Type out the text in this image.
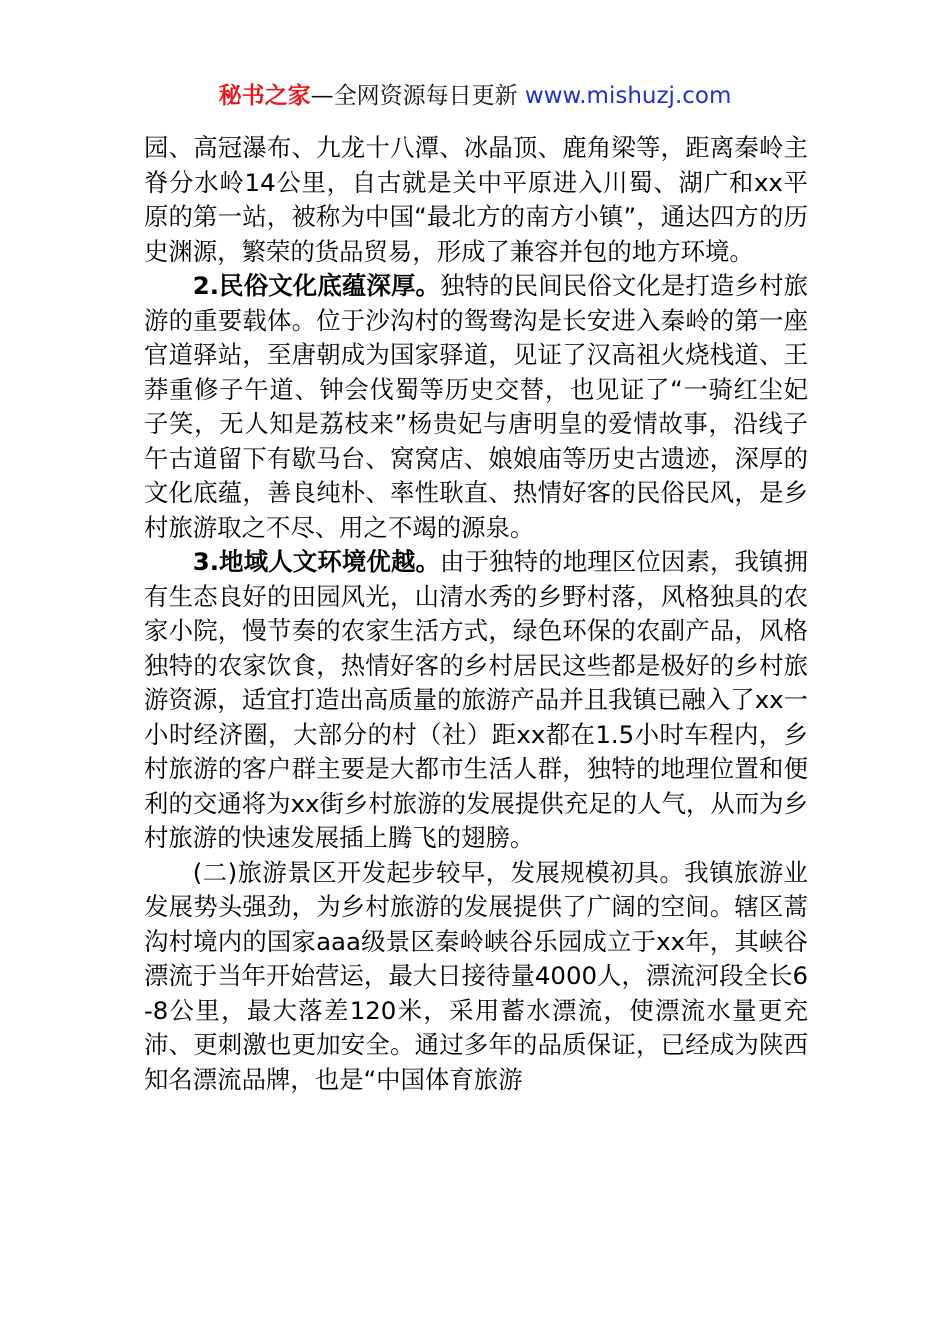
秘书之家—全网资源每日更新 www.mishuzj.com

园、高冠瀑布、九龙十八潭、冰晶顶、鹿角梁等，距离秦岭主脊分水岭14公里，自古就是关中平原进入川蜀、湖广和xx平原的第一站，被称为中国“最北方的南方小镇”，通达四方的历史渊源，繁荣的货品贸易，形成了兼容并包的地方环境。

2.民俗文化底蕴深厚。独特的民间民俗文化是打造乡村旅游的重要载体。位于沙沟村的鸳鸯沟是长安进入秦岭的第一座官道驿站，至唐朝成为国家驿道，见证了汉高祖火烧栈道、王莽重修子午道、钟会伐蜀等历史交替，也见证了“一骑红尘妃子笑，无人知是荔枝来”杨贵妃与唐明皇的爱情故事，沿线子午古道留下有歇马台、窝窝店、娘娘庙等历史古遗迹，深厚的文化底蕴，善良纯朴、率性耿直、热情好客的民俗民风，是乡村旅游取之不尽、用之不竭的源泉。

3.地域人文环境优越。由于独特的地理区位因素，我镇拥有生态良好的田园风光，山清水秀的乡野村落，风格独具的农家小院，慢节奏的农家生活方式，绿色环保的农副产品，风格独特的农家饮食，热情好客的乡村居民这些都是极好的乡村旅游资源，适宜打造出高质量的旅游产品并且我镇已融入了xx一小时经济圈，大部分的村（社）距xx都在1.5小时车程内，乡村旅游的客户群主要是大都市生活人群，独特的地理位置和便利的交通将为xx街乡村旅游的发展提供充足的人气，从而为乡村旅游的快速发展插上腾飞的翅膀。

(二)旅游景区开发起步较早，发展规模初具。我镇旅游业发展势头强劲，为乡村旅游的发展提供了广阔的空间。辖区蒿沟村境内的国家aaa级景区秦岭峡谷乐园成立于xx年，其峡谷漂流于当年开始营运，最大日接待量4000人，漂流河段全长6-8公里，最大落差120米，采用蓄水漂流，使漂流水量更充沛、更刺激也更加安全。通过多年的品质保证，已经成为陕西知名漂流品牌，也是“中国体育旅游
